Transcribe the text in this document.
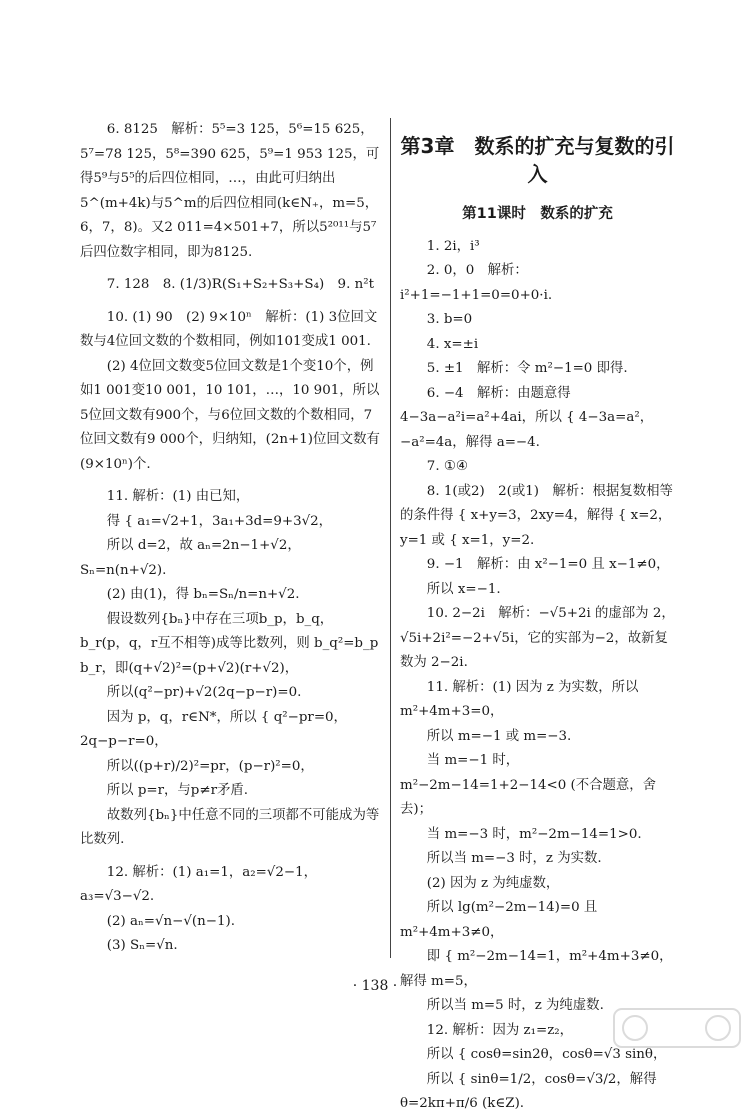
6. 8125　解析：5⁵=3 125，5⁶=15 625，5⁷=78 125，5⁸=390 625，5⁹=1 953 125，可得5⁹与5⁵的后四位相同，…，由此可归纳出5^(m+4k)与5^m的后四位相同(k∈N₊，m=5，6，7，8)。又2 011=4×501+7，所以5²⁰¹¹与5⁷后四位数字相同，即为8125.

7. 128　8. (1/3)R(S₁+S₂+S₃+S₄)　9. n²t

10. (1) 90　(2) 9×10ⁿ　解析：(1) 3位回文数与4位回文数的个数相同，例如101变成1 001.

(2) 4位回文数变5位回文数是1个变10个，例如1 001变10 001，10 101，…，10 901，所以5位回文数有900个，与6位回文数的个数相同，7位回文数有9 000个，归纳知，(2n+1)位回文数有(9×10ⁿ)个.

11. 解析：(1) 由已知，

得 { a₁=√2+1，3a₁+3d=9+3√2，

所以 d=2，故 aₙ=2n−1+√2，Sₙ=n(n+√2).

(2) 由(1)，得 bₙ=Sₙ/n=n+√2.

假设数列{bₙ}中存在三项b_p，b_q，b_r(p，q，r互不相等)成等比数列，则 b_q²=b_p b_r，即(q+√2)²=(p+√2)(r+√2)，

所以(q²−pr)+√2(2q−p−r)=0.

因为 p，q，r∈N*，所以 { q²−pr=0，2q−p−r=0，

所以((p+r)/2)²=pr，(p−r)²=0，

所以 p=r，与p≠r矛盾.

故数列{bₙ}中任意不同的三项都不可能成为等比数列.

12. 解析：(1) a₁=1，a₂=√2−1，a₃=√3−√2.

(2) aₙ=√n−√(n−1).

(3) Sₙ=√n.

第3章　数系的扩充与复数的引入
第11课时　数系的扩充

1. 2i，i³

2. 0，0　解析：i²+1=−1+1=0=0+0·i.

3. b=0

4. x=±i

5. ±1　解析：令 m²−1=0 即得.

6. −4　解析：由题意得 4−3a−a²i=a²+4ai，所以 { 4−3a=a²，−a²=4a，解得 a=−4.

7. ①④

8. 1(或2)　2(或1)　解析：根据复数相等的条件得 { x+y=3，2xy=4，解得 { x=2，y=1 或 { x=1，y=2.

9. −1　解析：由 x²−1=0 且 x−1≠0，

所以 x=−1.

10. 2−2i　解析：−√5+2i 的虚部为 2，√5i+2i²=−2+√5i，它的实部为−2，故新复数为 2−2i.

11. 解析：(1) 因为 z 为实数，所以 m²+4m+3=0，

所以 m=−1 或 m=−3.

当 m=−1 时，m²−2m−14=1+2−14<0 (不合题意，舍去)；

当 m=−3 时，m²−2m−14=1>0.

所以当 m=−3 时，z 为实数.

(2) 因为 z 为纯虚数，

所以 lg(m²−2m−14)=0 且 m²+4m+3≠0，

即 { m²−2m−14=1，m²+4m+3≠0，解得 m=5，

所以当 m=5 时，z 为纯虚数.

12. 解析：因为 z₁=z₂，

所以 { cosθ=sin2θ，cosθ=√3 sinθ，

所以 { sinθ=1/2，cosθ=√3/2，解得 θ=2kπ+π/6 (k∈Z).

· 138 ·
